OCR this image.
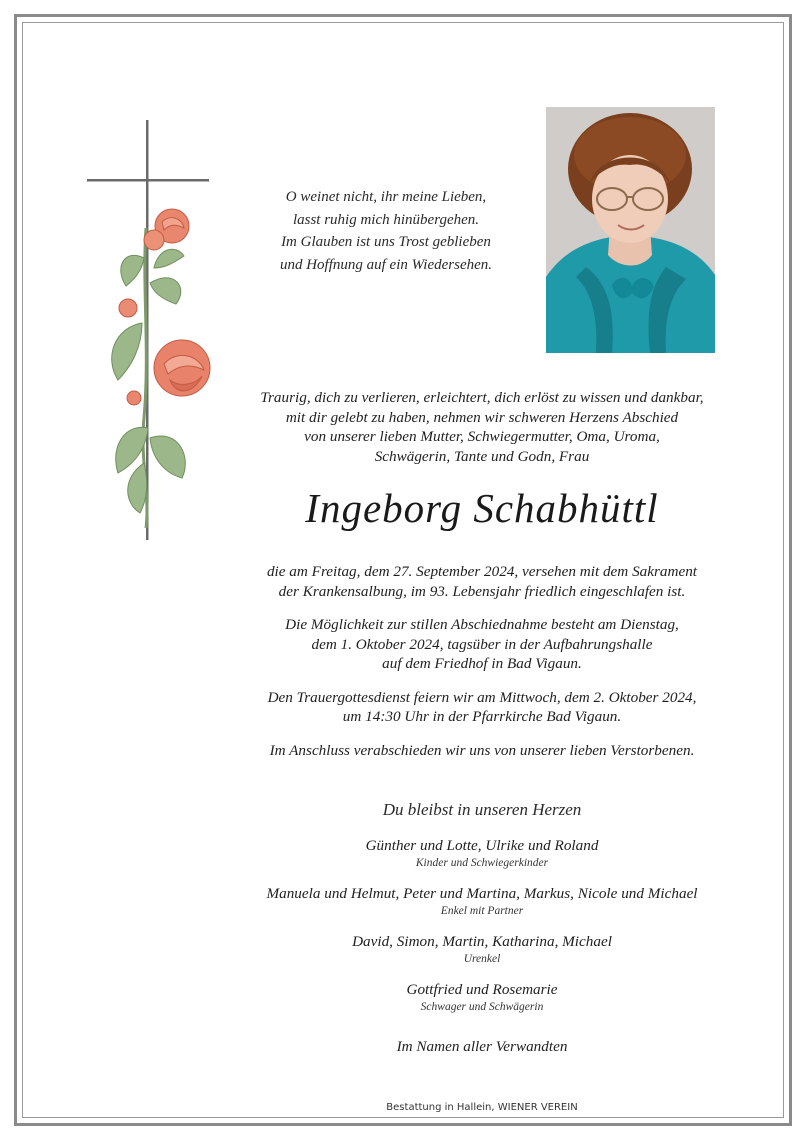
O weinet nicht, ihr meine Lieben,
lasst ruhig mich hinübergehen.
Im Glauben ist uns Trost geblieben
und Hoffnung auf ein Wiedersehen.
Traurig, dich zu verlieren, erleichtert, dich erlöst zu wissen und dankbar,
mit dir gelebt zu haben, nehmen wir schweren Herzens Abschied
von unserer lieben Mutter, Schwiegermutter, Oma, Uroma,
Schwägerin, Tante und Godn, Frau
Ingeborg Schabhüttl
die am Freitag, dem 27. September 2024, versehen mit dem Sakrament
der Krankensalbung, im 93. Lebensjahr friedlich eingeschlafen ist.
Die Möglichkeit zur stillen Abschiednahme besteht am Dienstag,
dem 1. Oktober 2024, tagsüber in der Aufbahrungshalle
auf dem Friedhof in Bad Vigaun.
Den Trauergottesdienst feiern wir am Mittwoch, dem 2. Oktober 2024,
um 14:30 Uhr in der Pfarrkirche Bad Vigaun.
Im Anschluss verabschieden wir uns von unserer lieben Verstorbenen.
Du bleibst in unseren Herzen
Günther und Lotte, Ulrike und Roland
Kinder und Schwiegerkinder
Manuela und Helmut, Peter und Martina, Markus, Nicole und Michael
Enkel mit Partner
David, Simon, Martin, Katharina, Michael
Urenkel
Gottfried und Rosemarie
Schwager und Schwägerin
Im Namen aller Verwandten
Bestattung in Hallein, WIENER VEREIN
